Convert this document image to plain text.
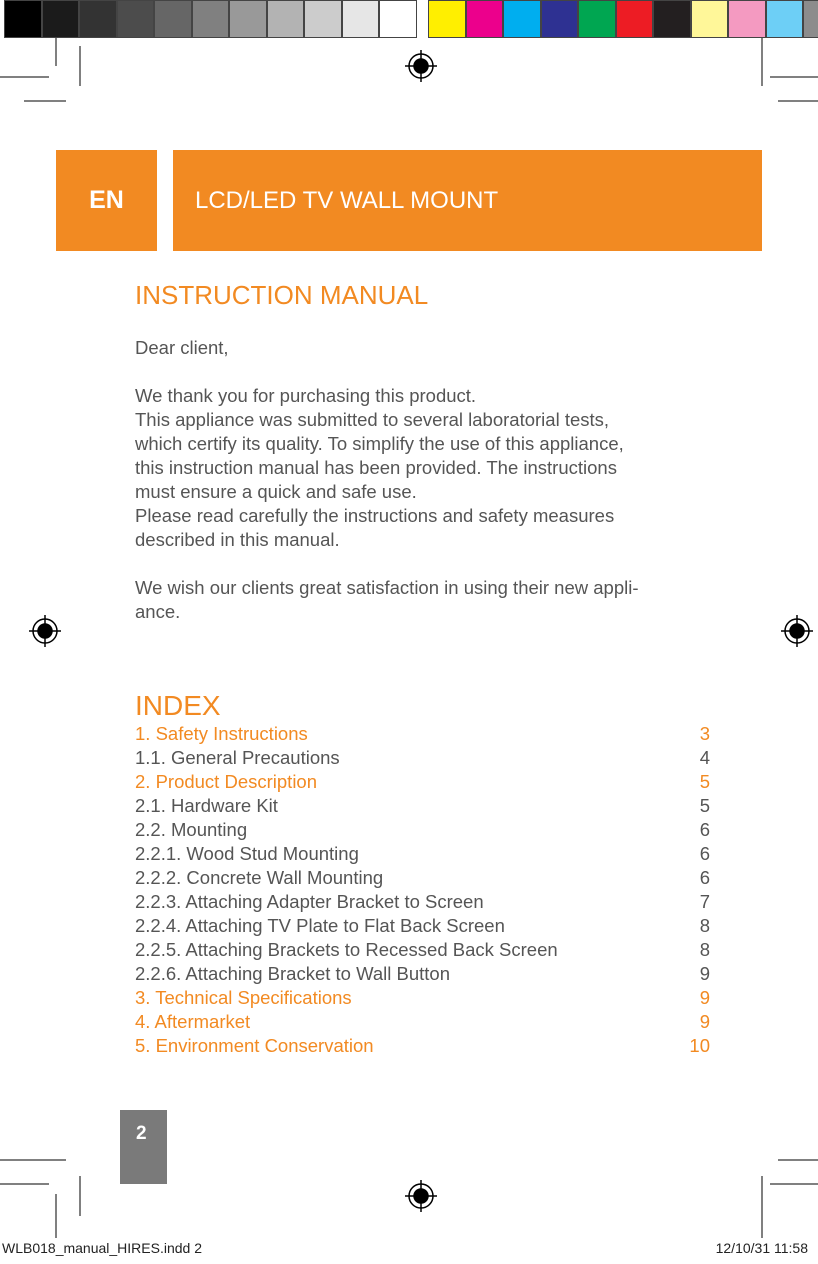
EN	LCD/LED TV WALL MOUNT
INSTRUCTION MANUAL
Dear client,
We thank you for purchasing this product.
This appliance was submitted to several laboratorial tests,
which certify its quality. To simplify the use of this appliance,
this instruction manual has been provided. The instructions
must ensure a quick and safe use.
Please read carefully the instructions and safety measures
described in this manual.
We wish our clients great satisfaction in using their new appli-
ance.
INDEX
1. Safety Instructions	3
1.1. General Precautions	4
2. Product Description	5
2.1. Hardware Kit	5
2.2. Mounting	6
2.2.1. Wood Stud Mounting	6
2.2.2. Concrete Wall Mounting	6
2.2.3. Attaching Adapter Bracket to Screen	7
2.2.4. Attaching TV Plate to Flat Back Screen	8
2.2.5. Attaching Brackets to Recessed Back Screen	8
2.2.6. Attaching Bracket to Wall Button	9
3. Technical Specifications	9
4. Aftermarket	9
5. Environment Conservation	10
2
WLB018_manual_HIRES.indd 2	12/10/31 11:58
